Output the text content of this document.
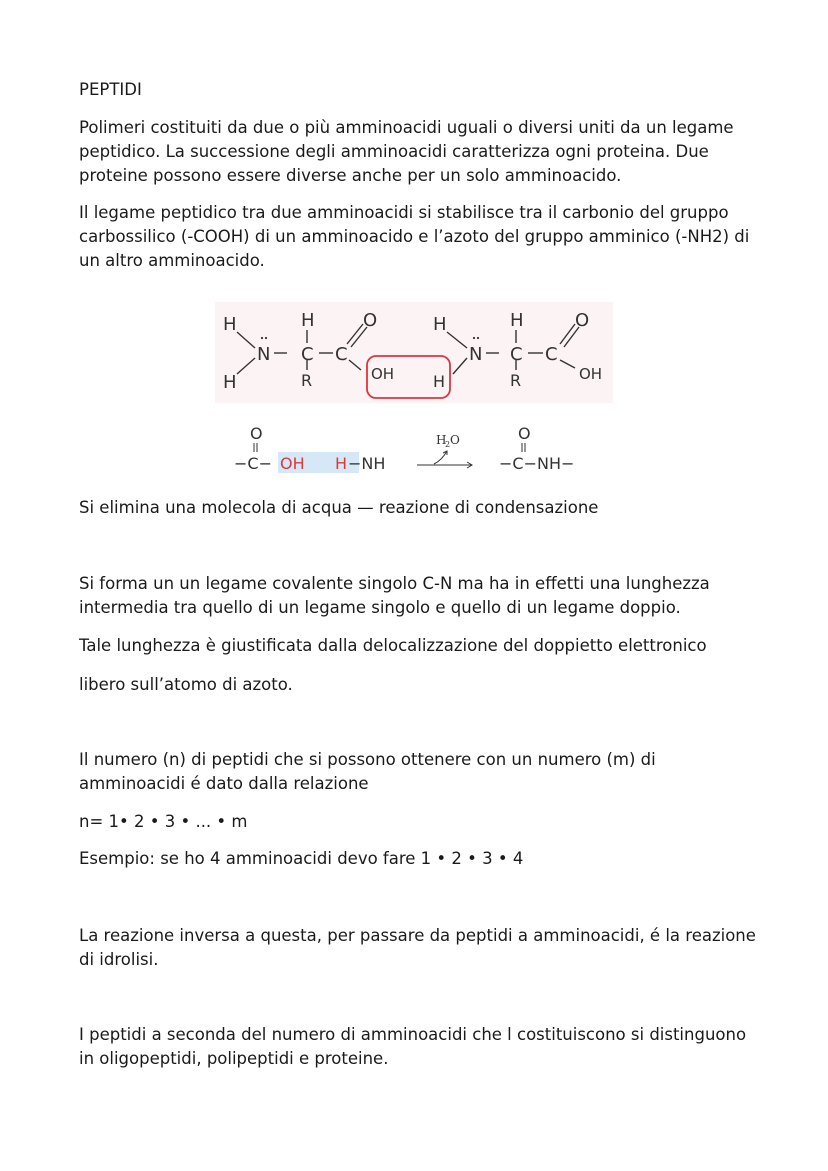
PEPTIDI

Polimeri costituiti da due o più amminoacidi uguali o diversi uniti da un legame peptidico. La successione degli amminoacidi caratterizza ogni proteina. Due proteine possono essere diverse anche per un solo amminoacido.

Il legame peptidico tra due amminoacidi si stabilisce tra il carbonio del gruppo carbossilico (-COOH) di un amminoacido e l’azoto del gruppo amminico (-NH2) di un altro amminoacido.

H
H
N
H
C
R
C
O
OH
H
H
N
H
C
R
C
O
OH
O	O
−C− OH H −NH	−C−NH−
H
2 O

Si elimina una molecola di acqua — reazione di condensazione

Si forma un un legame covalente singolo C-N ma ha in effetti una lunghezza intermedia tra quello di un legame singolo e quello di un legame doppio.

Tale lunghezza è giustificata dalla delocalizzazione del doppietto elettronico

libero sull’atomo di azoto.

Il numero (n) di peptidi che si possono ottenere con un numero (m) di amminoacidi é dato dalla relazione

n= 1• 2 • 3 • ... • m

Esempio: se ho 4 amminoacidi devo fare 1 • 2 • 3 • 4

La reazione inversa a questa, per passare da peptidi a amminoacidi, é la reazione di idrolisi.

I peptidi a seconda del numero di amminoacidi che l costituiscono si distinguono in oligopeptidi, polipeptidi e proteine.
